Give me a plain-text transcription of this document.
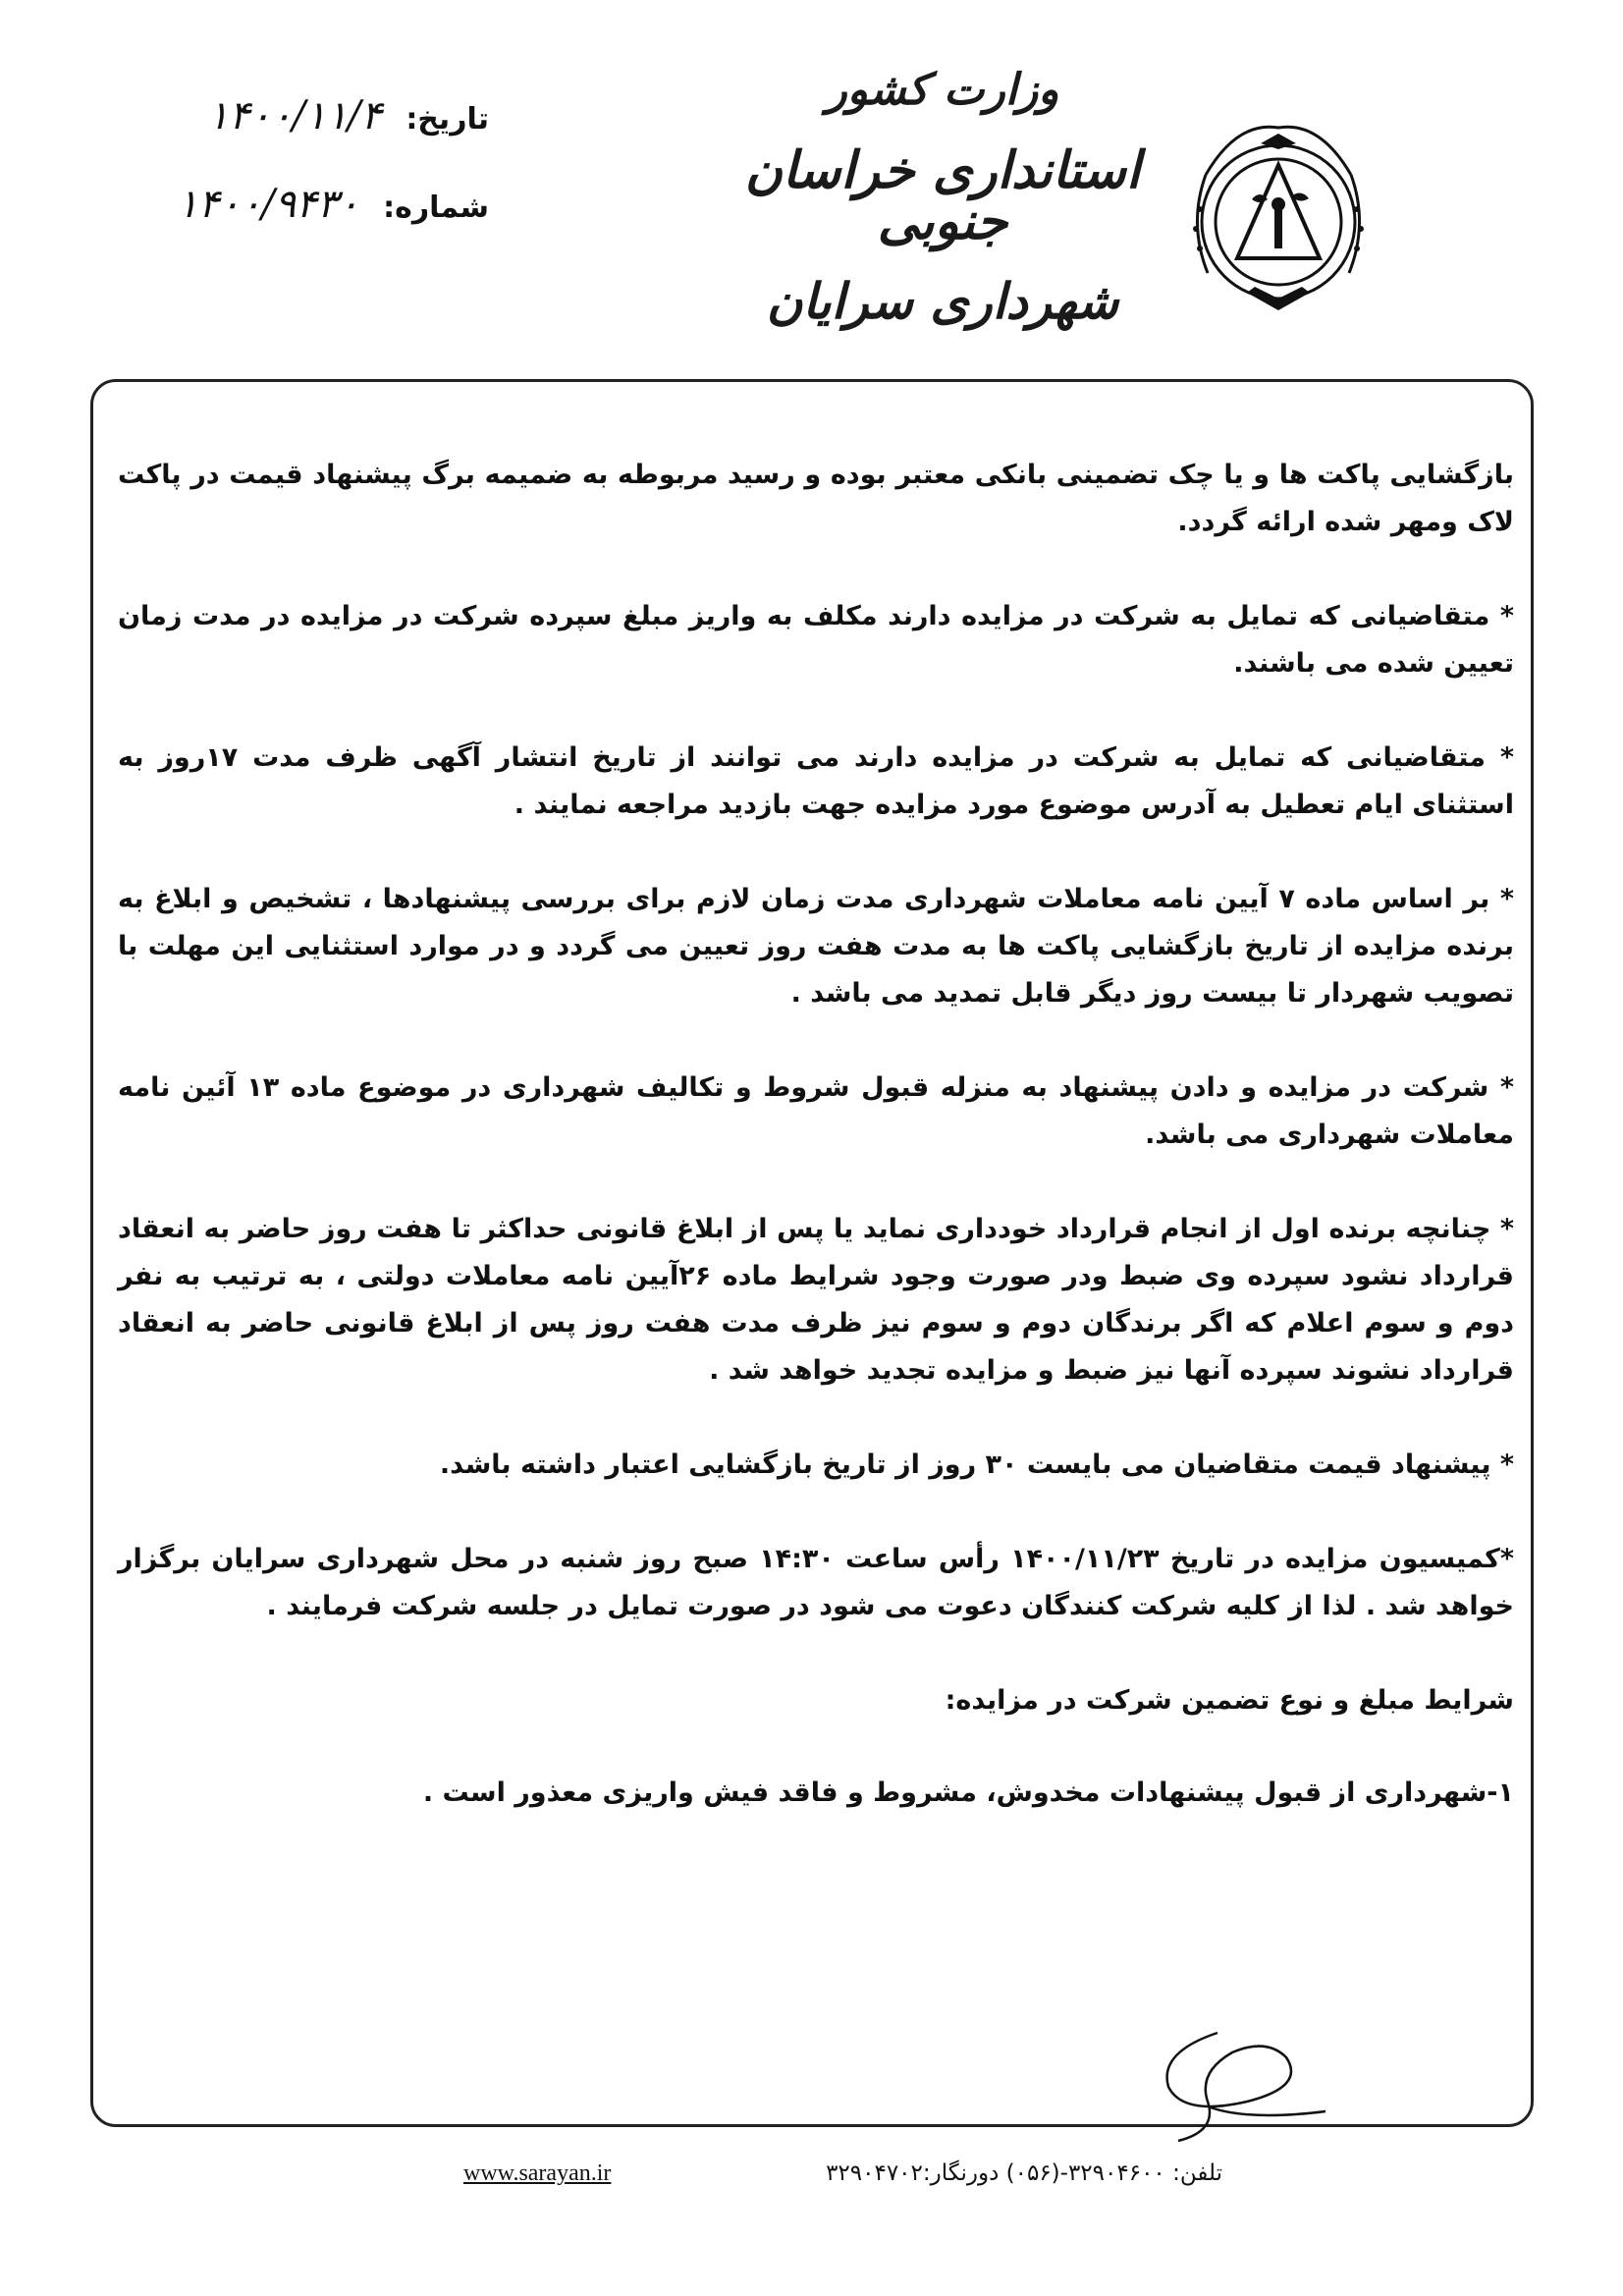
وزارت کشور
استانداری خراسان جنوبی
شهرداری سرایان
تاریخ: ۱۴۰۰/۱۱/۴
شماره: ۱۴۰۰/۹۴۳۰

بازگشایی پاکت ها و یا چک تضمینی بانکی معتبر بوده و رسید مربوطه به ضمیمه برگ پیشنهاد قیمت در پاکت لاک ومهر شده ارائه گردد.

* متقاضیانی که تمایل به شرکت در مزایده دارند مکلف به واریز مبلغ سپرده شرکت در مزایده در مدت زمان تعیین شده می باشند.

* متقاضیانی که تمایل به شرکت در مزایده دارند می توانند از تاریخ انتشار آگهی ظرف مدت ۱۷روز به استثنای ایام تعطیل به آدرس موضوع مورد مزایده جهت بازدید مراجعه نمایند .

* بر اساس ماده ۷ آیین نامه معاملات شهرداری مدت زمان لازم برای بررسی پیشنهادها ، تشخیص و ابلاغ به برنده مزایده از تاریخ بازگشایی پاکت ها به مدت هفت روز تعیین می گردد و در موارد استثنایی این مهلت با تصویب شهردار تا بیست روز دیگر قابل تمدید می باشد .

* شرکت در مزایده و دادن پیشنهاد به منزله قبول شروط و تکالیف شهرداری در موضوع ماده ۱۳ آئین نامه معاملات شهرداری می باشد.

* چنانچه برنده اول از انجام قرارداد خودداری نماید یا پس از ابلاغ قانونی حداکثر تا هفت روز حاضر به انعقاد قرارداد نشود سپرده وی ضبط ودر صورت وجود شرایط ماده ۲۶آیین نامه معاملات دولتی ، به ترتیب به نفر دوم و سوم اعلام که اگر برندگان دوم و سوم نیز ظرف مدت هفت روز پس از ابلاغ قانونی حاضر به انعقاد قرارداد نشوند سپرده آنها نیز ضبط و مزایده تجدید خواهد شد .

* پیشنهاد قیمت متقاضیان می بایست ۳۰ روز از تاریخ بازگشایی اعتبار داشته باشد.

*کمیسیون مزایده در تاریخ ۱۴۰۰/۱۱/۲۳ رأس ساعت ۱۴:۳۰ صبح روز شنبه در محل شهرداری سرایان برگزار خواهد شد . لذا از کلیه شرکت کنندگان دعوت می شود در صورت تمایل در جلسه شرکت فرمایند .

شرایط مبلغ و نوع تضمین شرکت در مزایده:

۱-شهرداری از قبول پیشنهادات مخدوش، مشروط و فاقد فیش واریزی معذور است .

www.sarayan.ir	تلفن: ۳۲۹۰۴۶۰۰-(۰۵۶) دورنگار:۳۲۹۰۴۷۰۲
